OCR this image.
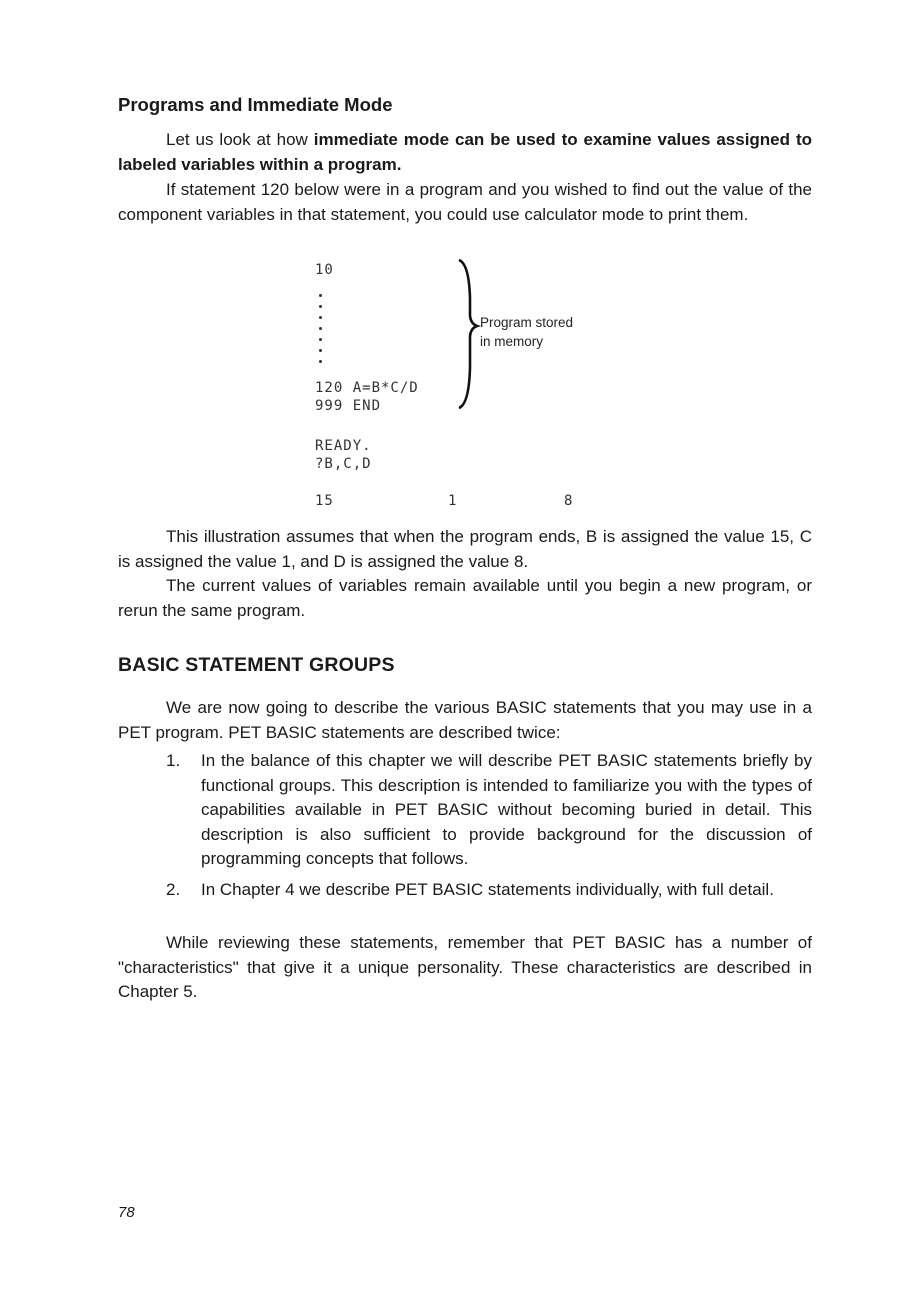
Programs and Immediate Mode

Let us look at how immediate mode can be used to examine values assigned to labeled variables within a program.

If statement 120 below were in a program and you wished to find out the value of the component variables in that statement, you could use calculator mode to print them.

10
120 A=B*C/D
999 END
READY.
?B,C,D
15	1	8
Program stored
in memory

This illustration assumes that when the program ends, B is assigned the value 15, C is assigned the value 1, and D is assigned the value 8.

The current values of variables remain available until you begin a new program, or rerun the same program.

BASIC STATEMENT GROUPS

We are now going to describe the various BASIC statements that you may use in a PET program. PET BASIC statements are described twice:

1. In the balance of this chapter we will describe PET BASIC statements briefly by functional groups. This description is intended to familiarize you with the types of capabilities available in PET BASIC without becoming buried in detail. This description is also sufficient to provide background for the discussion of programming concepts that follows.
2. In Chapter 4 we describe PET BASIC statements individually, with full detail.

While reviewing these statements, remember that PET BASIC has a number of "characteristics" that give it a unique personality. These characteristics are described in Chapter 5.

78
